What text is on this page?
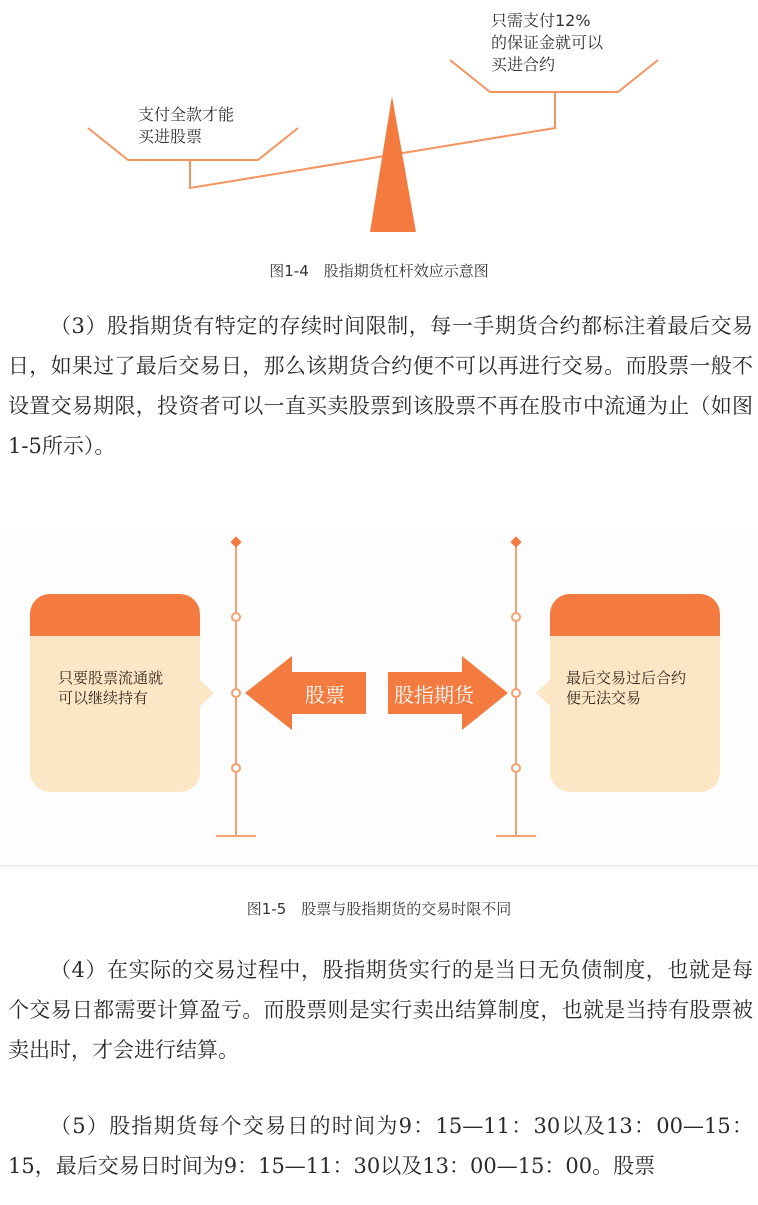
支付全款才能
买进股票
只需支付12%
的保证金就可以
买进合约
图1-4　股指期货杠杆效应示意图
（3）股指期货有特定的存续时间限制，每一手期货合约都标注着最后交易日，如果过了最后交易日，那么该期货合约便不可以再进行交易。而股票一般不设置交易期限，投资者可以一直买卖股票到该股票不再在股市中流通为止（如图1-5所示）。
只要股票流通就
可以继续持有
最后交易过后合约
便无法交易
股票 股指期货
图1-5　股票与股指期货的交易时限不同
（4）在实际的交易过程中，股指期货实行的是当日无负债制度，也就是每个交易日都需要计算盈亏。而股票则是实行卖出结算制度，也就是当持有股票被卖出时，才会进行结算。
（5）股指期货每个交易日的时间为9：15—11：30以及13：00—15：15，最后交易日时间为9：15—11：30以及13：00—15：00。股票
